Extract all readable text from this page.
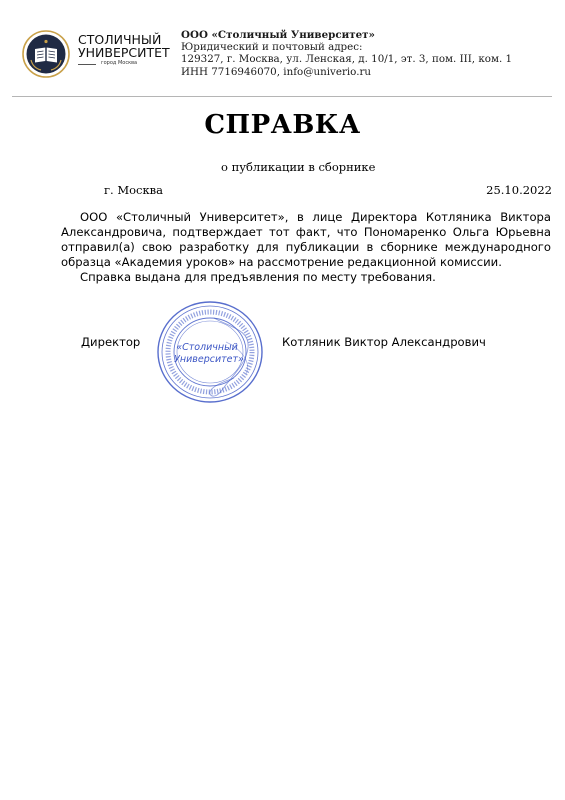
СТОЛИЧНЫЙ
УНИВЕРСИТЕТ
город Москва
ООО «Столичный Университет»
Юридический и почтовый адрес:
129327, г. Москва, ул. Ленская, д. 10/1, эт. 3, пом. III, ком. 1
ИНН 7716946070, info@univerio.ru
СПРАВКА
о публикации в сборнике
г. Москва	25.10.2022

ООО «Столичный Университет», в лице Директора Котляника Виктора Александровича, подтверждает тот факт, что Пономаренко Ольга Юрьевна отправил(а) свою разработку для публикации в сборнике международного образца «Академия уроков» на рассмотрение редакционной комиссии.

Справка выдана для предъявления по месту требования.

Директор	Котляник Виктор Александрович
«Столичный
Университет»
